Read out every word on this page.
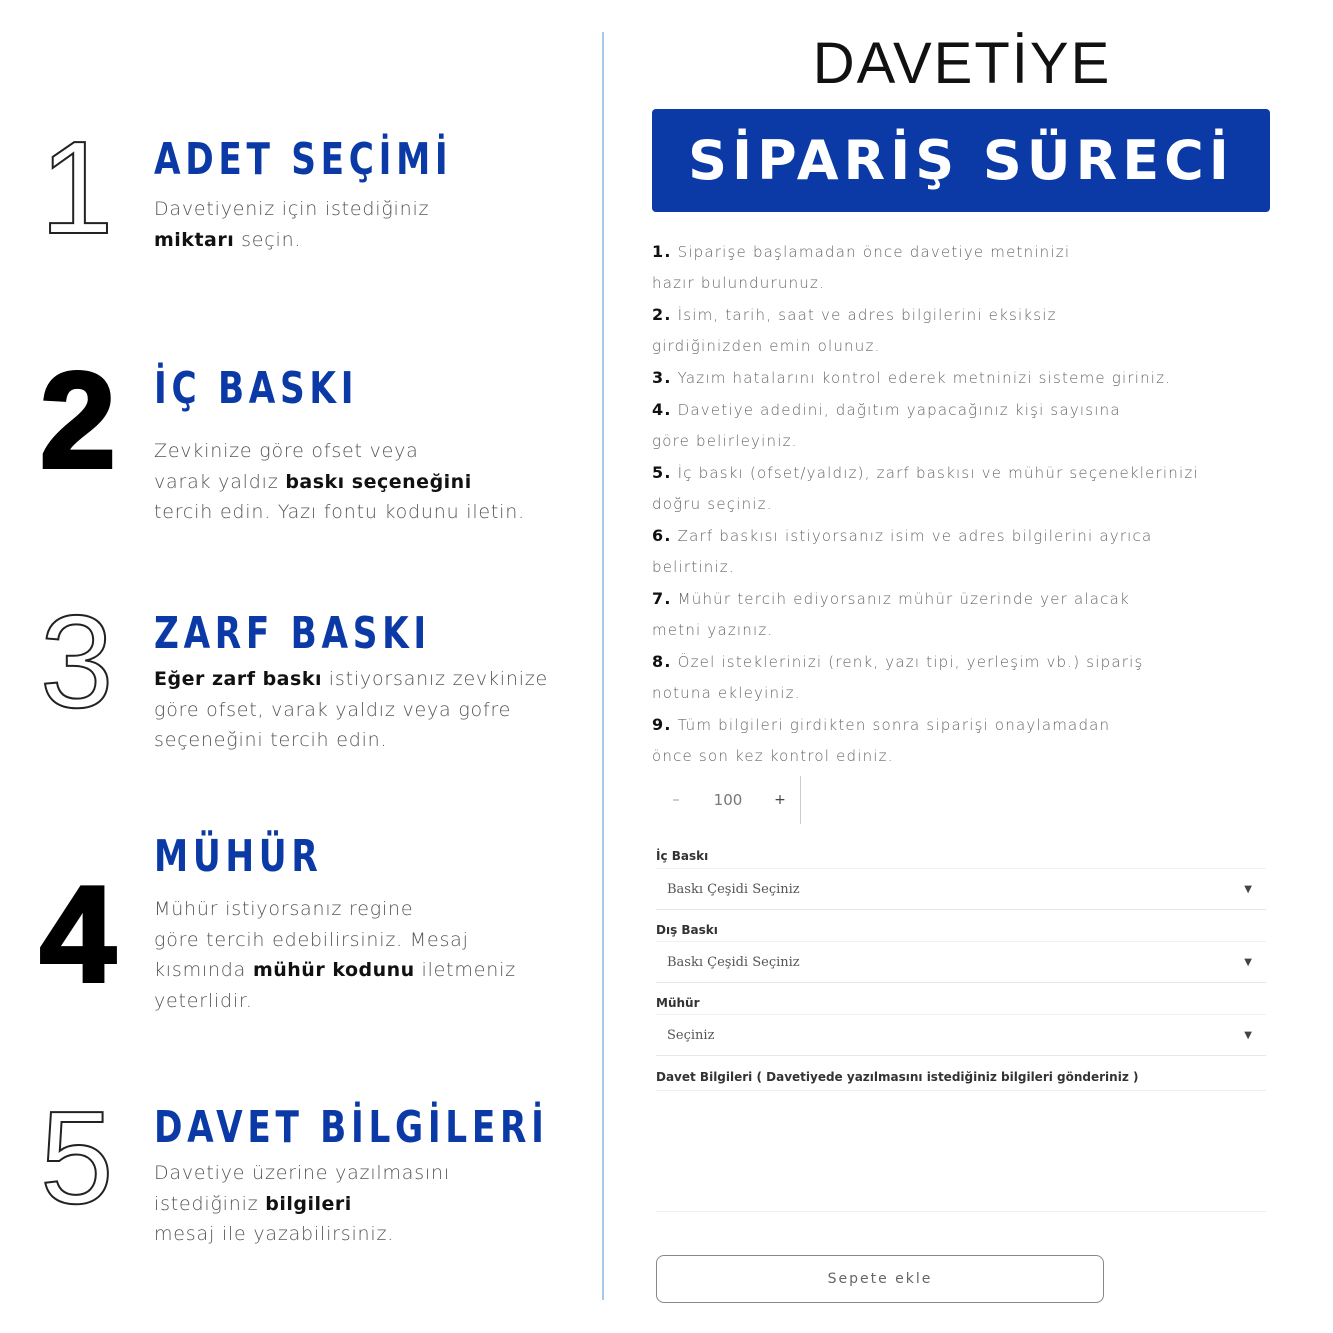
1 ADET SEÇİMİ
Davetiyeniz için istediğiniz
miktarı seçin.
2 İÇ BASKI
Zevkinize göre ofset veya
varak yaldız baskı seçeneğini
tercih edin. Yazı fontu kodunu iletin.
3 ZARF BASKI
Eğer zarf baskı istiyorsanız zevkinize
göre ofset, varak yaldız veya gofre
seçeneğini tercih edin.
4
MÜHÜR
Mühür istiyorsanız regine
göre tercih edebilirsiniz. Mesaj
kısmında mühür kodunu iletmeniz
yeterlidir.
5 DAVET BİLGİLERİ
Davetiye üzerine yazılmasını
istediğiniz bilgileri
mesaj ile yazabilirsiniz.
DAVETİYE
SİPARİŞ SÜRECİ
1. Siparişe başlamadan önce davetiye metninizi
hazır bulundurunuz.
2. İsim, tarih, saat ve adres bilgilerini eksiksiz
girdiğinizden emin olunuz.
3. Yazım hatalarını kontrol ederek metninizi sisteme giriniz.
4. Davetiye adedini, dağıtım yapacağınız kişi sayısına
göre belirleyiniz.
5. İç baskı (ofset/yaldız), zarf baskısı ve mühür seçeneklerinizi
doğru seçiniz.
6. Zarf baskısı istiyorsanız isim ve adres bilgilerini ayrıca
belirtiniz.
7. Mühür tercih ediyorsanız mühür üzerinde yer alacak
metni yazınız.
8. Özel isteklerinizi (renk, yazı tipi, yerleşim vb.) sipariş
notuna ekleyiniz.
9. Tüm bilgileri girdikten sonra siparişi onaylamadan
önce son kez kontrol ediniz.
–	100	+
İç Baskı
Baskı Çeşidi Seçiniz	▼
Dış Baskı
Baskı Çeşidi Seçiniz	▼
Mühür
Seçiniz	▼
Davet Bilgileri ( Davetiyede yazılmasını istediğiniz bilgileri gönderiniz )
Sepete ekle
